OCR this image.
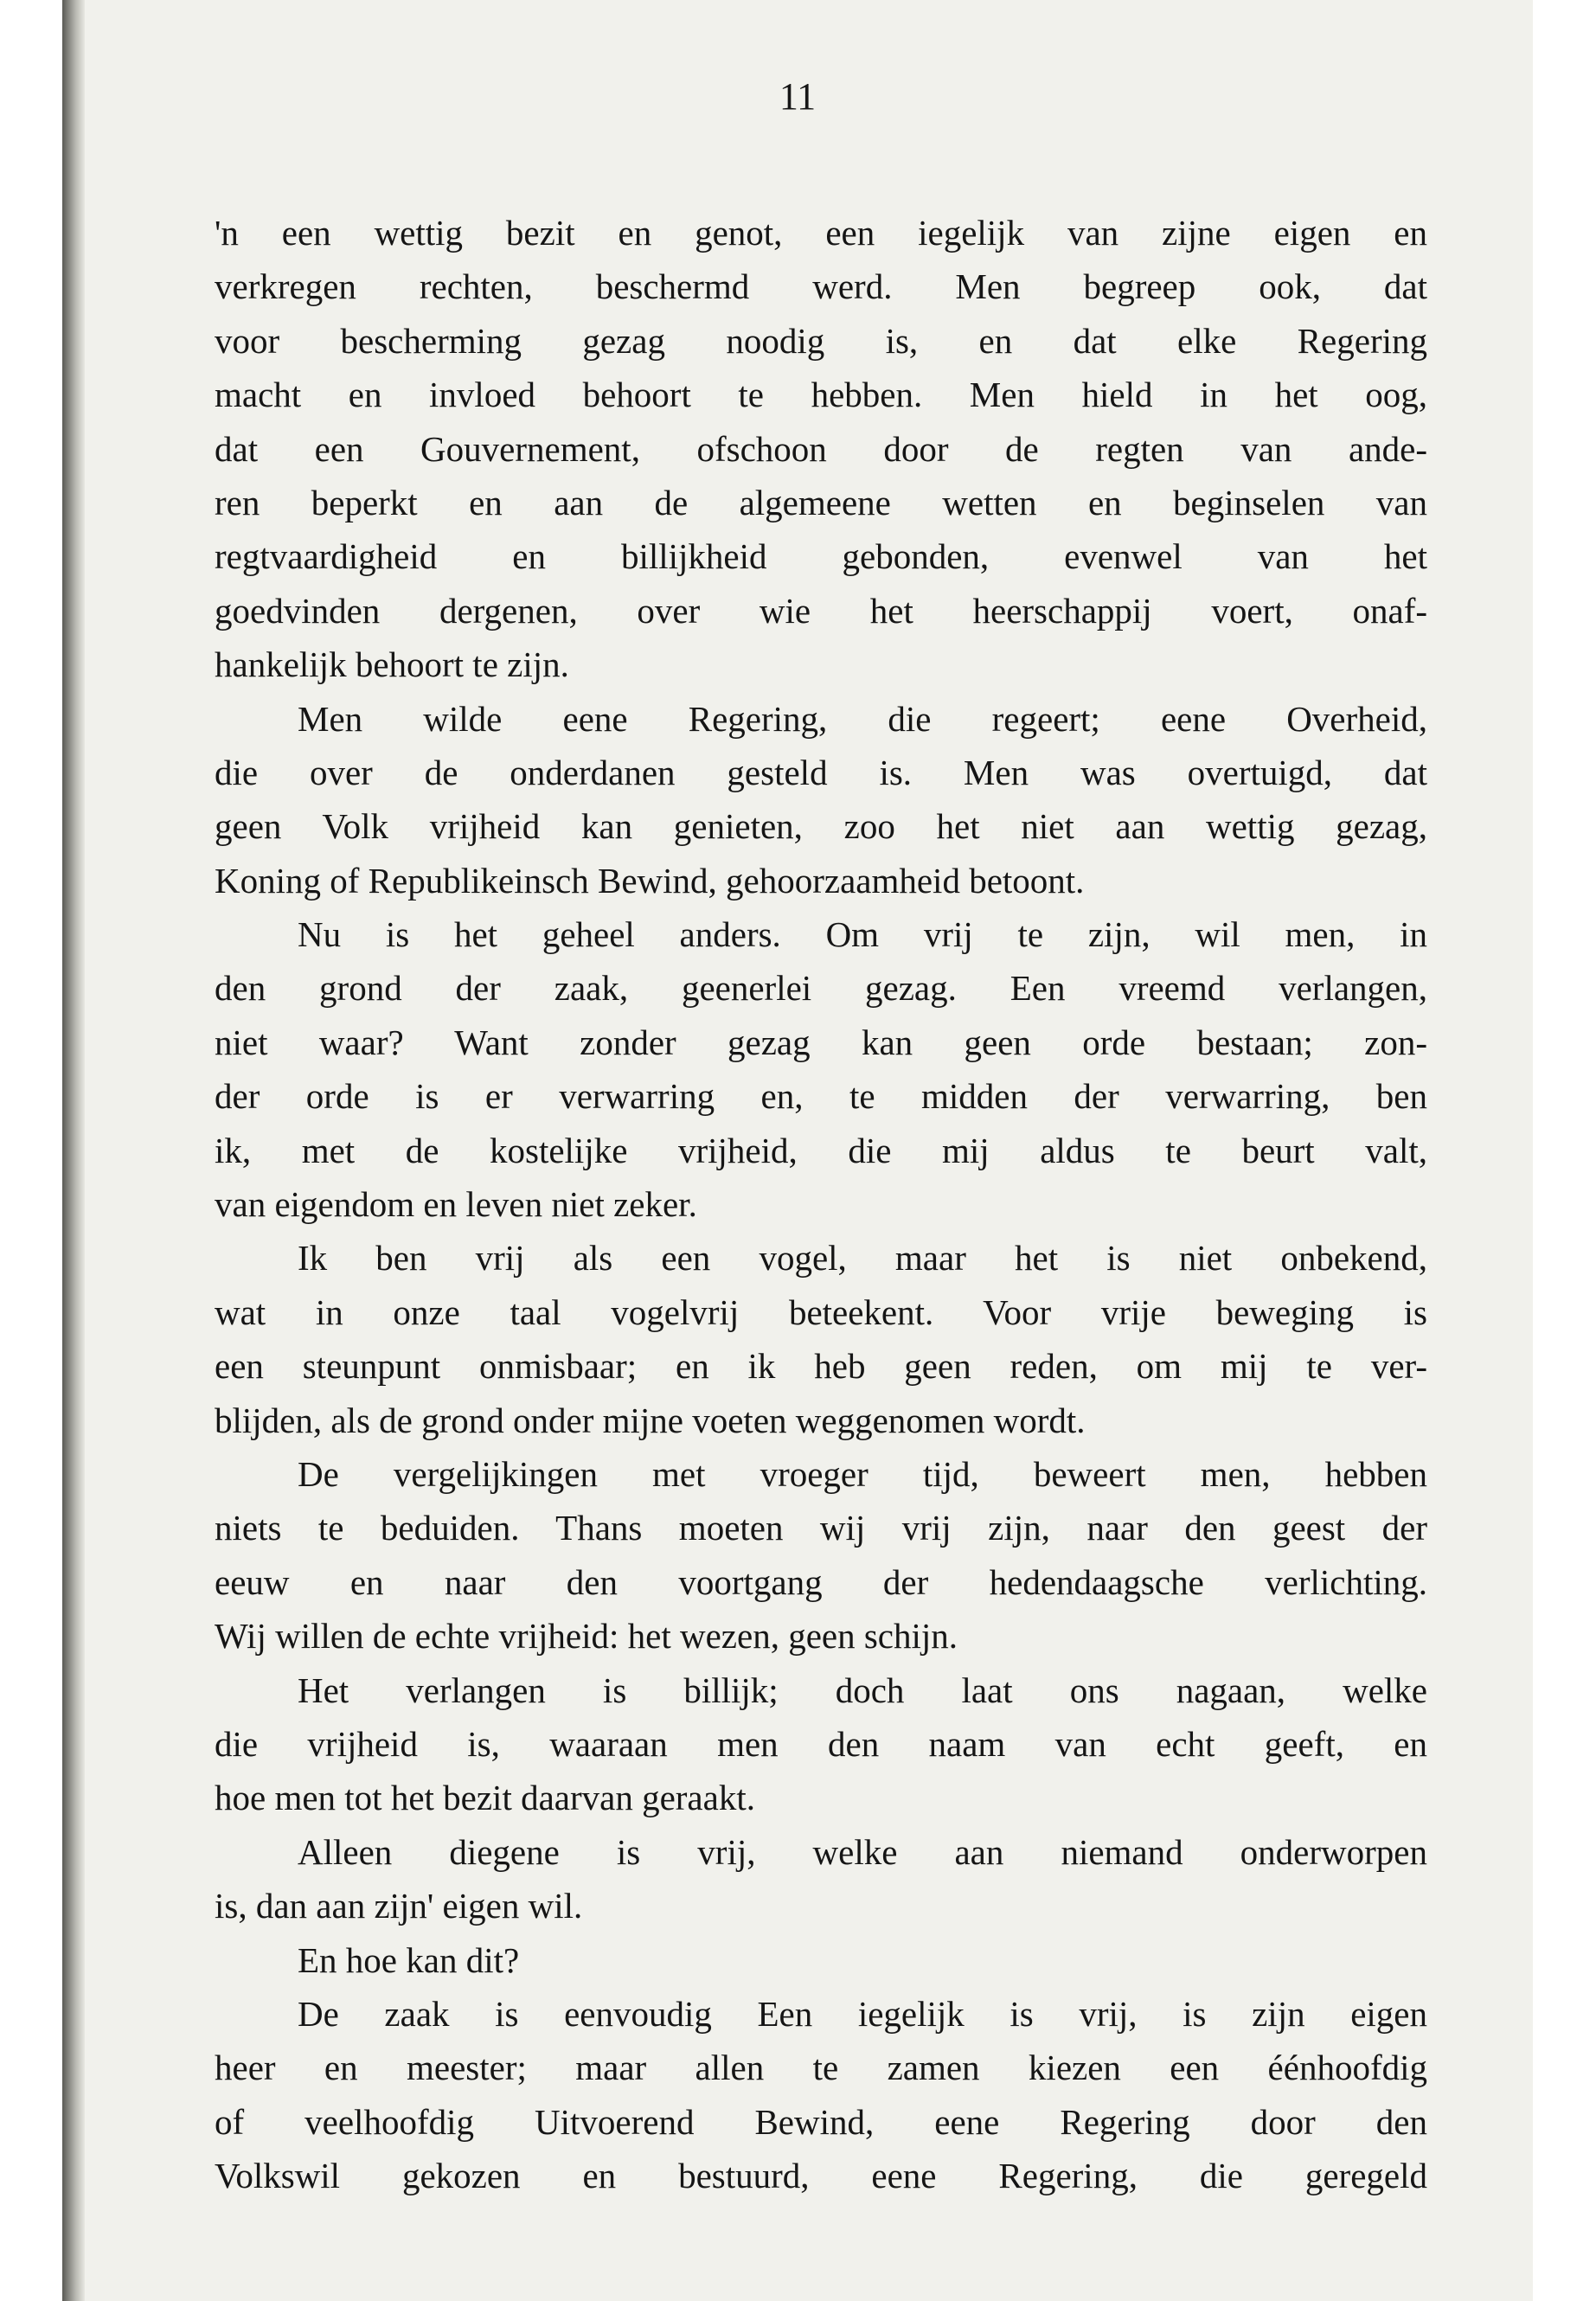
11

'n een wettig bezit en genot, een iegelijk van zijne eigen en
verkregen rechten, beschermd werd. Men begreep ook, dat
voor bescherming gezag noodig is, en dat elke Regering
macht en invloed behoort te hebben. Men hield in het oog,
dat een Gouvernement, ofschoon door de regten van ande-
ren beperkt en aan de algemeene wetten en beginselen van
regtvaardigheid en billijkheid gebonden, evenwel van het
goedvinden dergenen, over wie het heerschappij voert, onaf-
hankelijk behoort te zijn.
Men wilde eene Regering, die regeert; eene Overheid,
die over de onderdanen gesteld is. Men was overtuigd, dat
geen Volk vrijheid kan genieten, zoo het niet aan wettig gezag,
Koning of Republikeinsch Bewind, gehoorzaamheid betoont.
Nu is het geheel anders. Om vrij te zijn, wil men, in
den grond der zaak, geenerlei gezag. Een vreemd verlangen,
niet waar? Want zonder gezag kan geen orde bestaan; zon-
der orde is er verwarring en, te midden der verwarring, ben
ik, met de kostelijke vrijheid, die mij aldus te beurt valt,
van eigendom en leven niet zeker.
Ik ben vrij als een vogel, maar het is niet onbekend,
wat in onze taal vogelvrij beteekent. Voor vrije beweging is
een steunpunt onmisbaar; en ik heb geen reden, om mij te ver-
blijden, als de grond onder mijne voeten weggenomen wordt.
De vergelijkingen met vroeger tijd, beweert men, hebben
niets te beduiden. Thans moeten wij vrij zijn, naar den geest der
eeuw en naar den voortgang der hedendaagsche verlichting.
Wij willen de echte vrijheid: het wezen, geen schijn.
Het verlangen is billijk; doch laat ons nagaan, welke
die vrijheid is, waaraan men den naam van echt geeft, en
hoe men tot het bezit daarvan geraakt.
Alleen diegene is vrij, welke aan niemand onderworpen
is, dan aan zijn' eigen wil.
En hoe kan dit?
De zaak is eenvoudig Een iegelijk is vrij, is zijn eigen
heer en meester; maar allen te zamen kiezen een éénhoofdig
of veelhoofdig Uitvoerend Bewind, eene Regering door den
Volkswil gekozen en bestuurd, eene Regering, die geregeld
